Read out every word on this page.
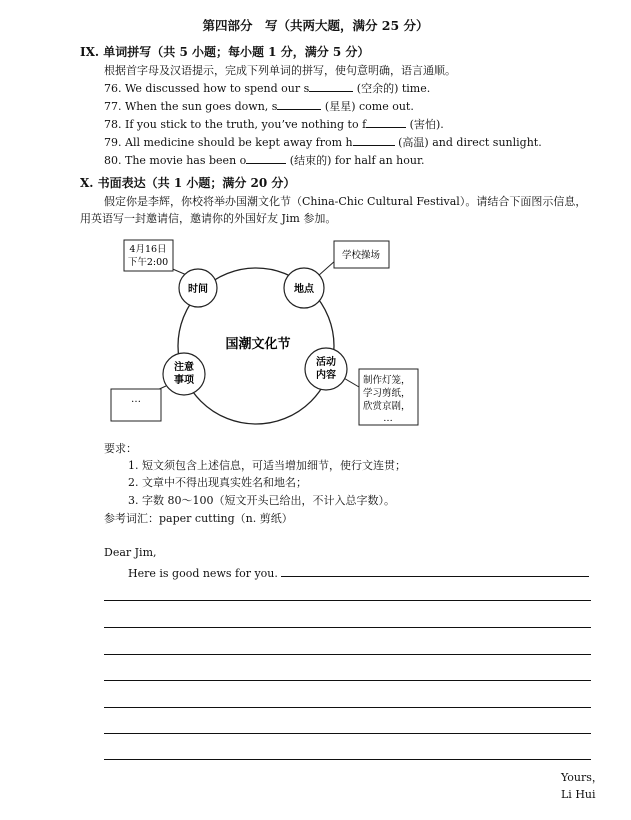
第四部分　写（共两大题，满分 25 分）
IX. 单词拼写（共 5 小题；每小题 1 分，满分 5 分）
根据首字母及汉语提示，完成下列单词的拼写，使句意明确，语言通顺。
76. We discussed how to spend our s	(空余的) time.
77. When the sun goes down, s	(星星) come out.
78. If you stick to the truth, you’ve nothing to f	(害怕).
79. All medicine should be kept away from h	(高温) and direct sunlight.
80. The movie has been o	(结束的) for half an hour.
X. 书面表达（共 1 小题；满分 20 分）
假定你是李辉，你校将举办国潮文化节（China-Chic Cultural Festival）。请结合下面图示信息，
用英语写一封邀请信，邀请你的外国好友 Jim 参加。
国潮文化节
4月16日
下午2:00
时间	地点
学校操场
活动
内容	制作灯笼，
学习剪纸，
欣赏京剧，
…
注意
事项
…
要求：
1. 短文须包含上述信息，可适当增加细节，使行文连贯；
2. 文章中不得出现真实姓名和地名；
3. 字数 80～100（短文开头已给出，不计入总字数）。
参考词汇：paper cutting（n. 剪纸）
Dear Jim,
Here is good news for you.
Yours，
Li Hui
